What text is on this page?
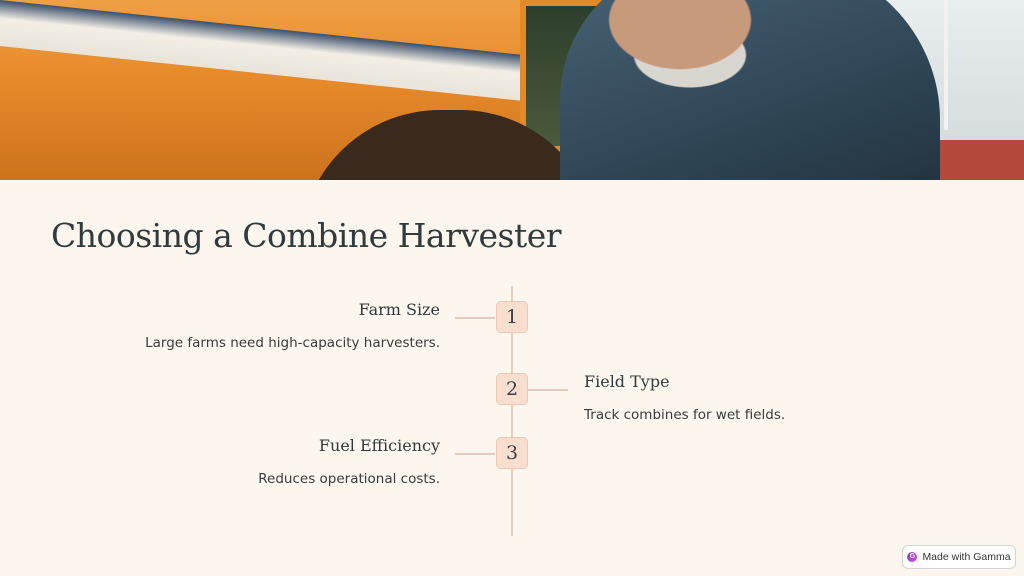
Choosing a Combine Harvester
1

Farm Size

Large farms need high-capacity harvesters.

2	Field Type

Track combines for wet fields.

3

Fuel Efficiency

Reduces operational costs.

G Made with Gamma
